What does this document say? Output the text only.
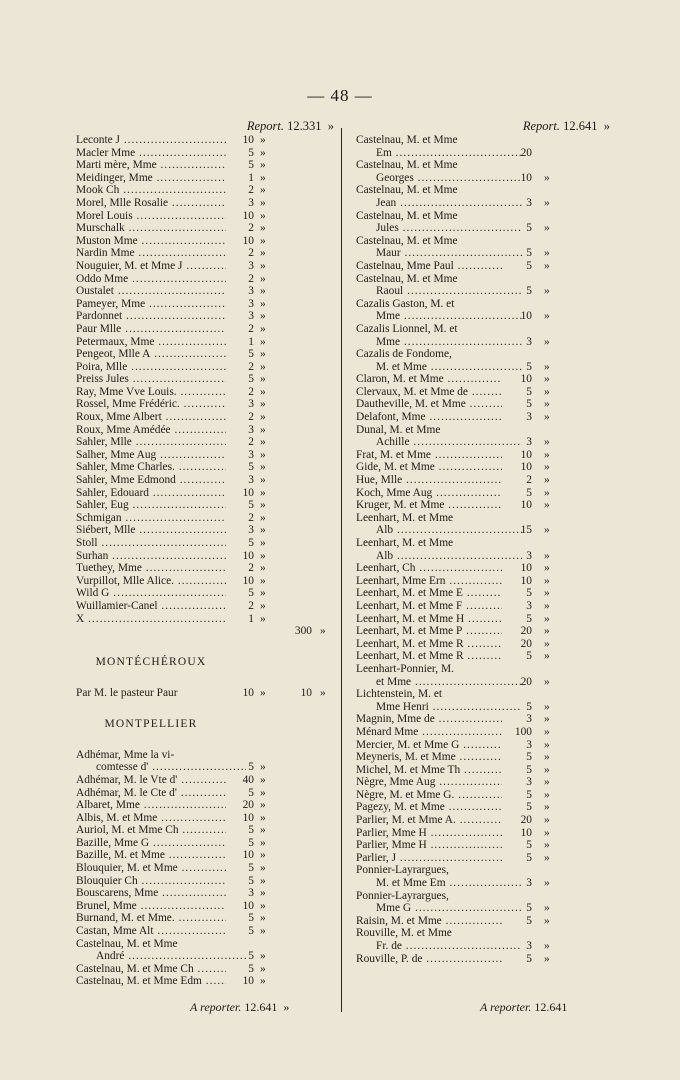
— 48 —
Report. 12.331 »
Leconte J .....	10 »
Macler Mme .....	5 »
Marti mère, Mme .....	5 »
Meidinger, Mme .....	1 »
Mook Ch .....	2 »
Morel, Mlle Rosalie .....	3 »
Morel Louis .....	10 »
Murschalk .....	2 »
Muston Mme .....	10 »
Nardin Mme .....	2 »
Nouguier, M. et Mme J .....	3 »
Oddo Mme .....	2 »
Oustalet .....	3 »
Pameyer, Mme .....	3 »
Pardonnet .....	3 »
Paur Mlle .....	2 »
Petermaux, Mme .....	1 »
Pengeot, Mlle A .....	5 »
Poira, Mlle .....	2 »
Preiss Jules .....	5 »
Ray, Mme Vve Louis. .....	2 »
Rossel, Mme Frédéric. .....	3 »
Roux, Mme Albert .....	2 »
Roux, Mme Amédée .....	3 »
Sahler, Mlle .....	2 »
Salher, Mme Aug .....	3 »
Sahler, Mme Charles. .....	5 »
Sahler, Mme Edmond .....	3 »
Sahler, Edouard .....	10 »
Sahler, Eug .....	5 »
Schmigan .....	2 »
Siébert, Mlle .....	3 »
Stoll .....	5 »
Surhan .....	10 »
Tuethey, Mme .....	2 »
Vurpillot, Mlle Alice. .....	10 »
Wild G .....	5 »
Wuillamier-Canel .....	2 »
X .....	1 »
300 »
MONTÉCHÉROUX
Par M. le pasteur Paur	10 »	10 »
MONTPELLIER
Adhémar, Mme la vi-
comtesse d' .....	5 »
Adhémar, M. le Vte d' .....	40 »
Adhémar, M. le Cte d' .....	5 »
Albaret, Mme .....	20 »
Albis, M. et Mme .....	10 »
Auriol, M. et Mme Ch .....	5 »
Bazille, Mme G .....	5 »
Bazille, M. et Mme .....	10 »
Blouquier, M. et Mme .....	5 »
Blouquier Ch .....	5 »
Bouscarens, Mme .....	3 »
Brunel, Mme .....	10 »
Burnand, M. et Mme. .....	5 »
Castan, Mme Alt .....	5 »
Castelnau, M. et Mme
André .....	5 »
Castelnau, M. et Mme Ch .....	5 »
Castelnau, M. et Mme Edm .....	10 »
Report. 12.641 »
Castelnau, M. et Mme
Em .....	20
Castelnau, M. et Mme
Georges .....	10 »
Castelnau, M. et Mme
Jean .....	3 »
Castelnau, M. et Mme
Jules .....	5 »
Castelnau, M. et Mme
Maur .....	5 »
Castelnau, Mme Paul .....	5 »
Castelnau, M. et Mme
Raoul .....	5 »
Cazalis Gaston, M. et
Mme .....	10 »
Cazalis Lionnel, M. et
Mme .....	3 »
Cazalis de Fondome,
M. et Mme .....	5 »
Claron, M. et Mme .....	10 »
Clervaux, M. et Mme de .....	5 »
Dautheville, M. et Mme .....	5 »
Delafont, Mme .....	3 »
Dunal, M. et Mme
Achille .....	3 »
Frat, M. et Mme .....	10 »
Gide, M. et Mme .....	10 »
Hue, Mlle .....	2 »
Koch, Mme Aug .....	5 »
Kruger, M. et Mme .....	10 »
Leenhart, M. et Mme
Alb .....	15 »
Leenhart, M. et Mme
Alb .....	3 »
Leenhart, Ch .....	10 »
Leenhart, Mme Ern .....	10 »
Leenhart, M. et Mme E .....	5 »
Leenhart, M. et Mme F .....	3 »
Leenhart, M. et Mme H .....	5 »
Leenhart, M. et Mme P .....	20 »
Leenhart, M. et Mme R .....	20 »
Leenhart, M. et Mme R .....	5 »
Leenhart-Ponnier, M.
et Mme .....	20 »
Lichtenstein, M. et
Mme Henri .....	5 »
Magnin, Mme de .....	3 »
Ménard Mme .....	100 »
Mercier, M. et Mme G .....	3 »
Meyneris, M. et Mme .....	5 »
Michel, M. et Mme Th .....	5 »
Nègre, Mme Aug .....	3 »
Nègre, M. et Mme G. .....	5 »
Pagezy, M. et Mme .....	5 »
Parlier, M. et Mme A. .....	20 »
Parlier, Mme H .....	10 »
Parlier, Mme H .....	5 »
Parlier, J .....	5 »
Ponnier-Layrargues,
M. et Mme Em .....	3 »
Ponnier-Layrargues,
Mme G .....	5 »
Raisin, M. et Mme .....	5 »
Rouville, M. et Mme
Fr. de .....	3 »
Rouville, P. de .....	5 »
A reporter. 12.641 »	A reporter. 12.641
